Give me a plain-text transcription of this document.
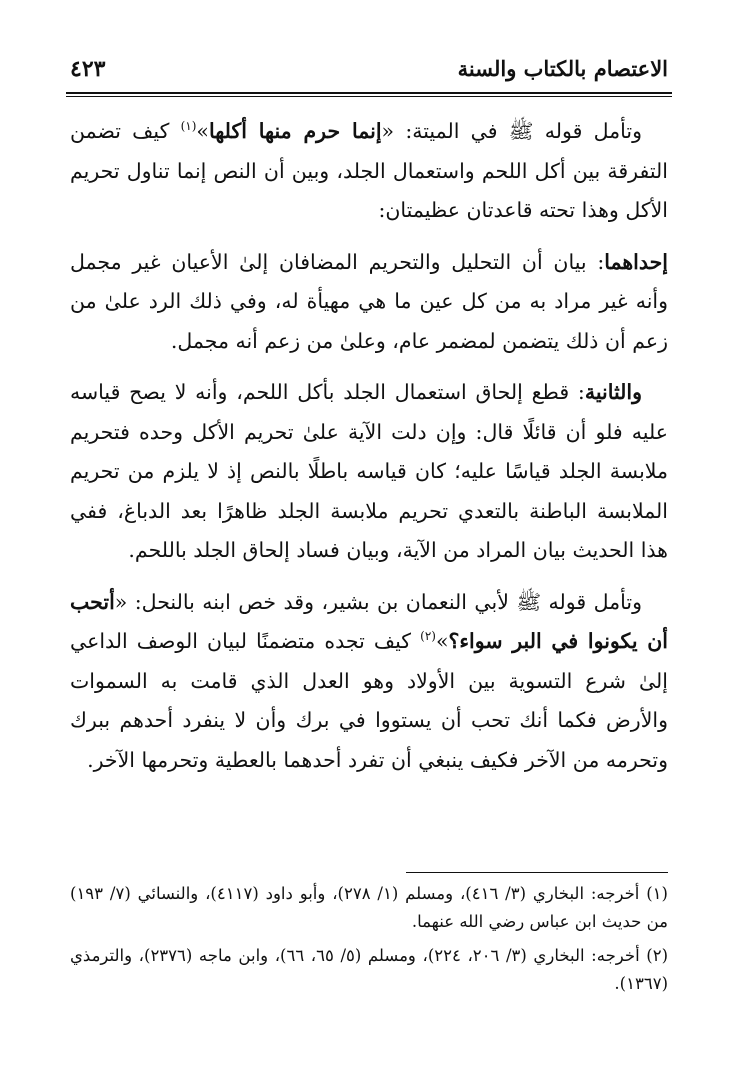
الاعتصام بالكتاب والسنة
٤٢٣

وتأمل قوله ﷺ في الميتة: «إنما حرم منها أكلها»$^{(١)}$ كيف تضمن التفرقة بين أكل اللحم واستعمال الجلد، وبين أن النص إنما تناول تحريم الأكل وهذا تحته قاعدتان عظيمتان:

إحداهما: بيان أن التحليل والتحريم المضافان إلىٰ الأعيان غير مجمل وأنه غير مراد به من كل عين ما هي مهيأة له، وفي ذلك الرد علىٰ من زعم أن ذلك يتضمن لمضمر عام، وعلىٰ من زعم أنه مجمل.

والثانية: قطع إلحاق استعمال الجلد بأكل اللحم، وأنه لا يصح قياسه عليه فلو أن قائلًا قال: وإن دلت الآية علىٰ تحريم الأكل وحده فتحريم ملابسة الجلد قياسًا عليه؛ كان قياسه باطلًا بالنص إذ لا يلزم من تحريم الملابسة الباطنة بالتعدي تحريم ملابسة الجلد ظاهرًا بعد الدباغ، ففي هذا الحديث بيان المراد من الآية، وبيان فساد إلحاق الجلد باللحم.

وتأمل قوله ﷺ لأبي النعمان بن بشير، وقد خص ابنه بالنحل: «أتحب أن يكونوا في البر سواء؟»$^{(٢)}$ كيف تجده متضمنًا لبيان الوصف الداعي إلىٰ شرع التسوية بين الأولاد وهو العدل الذي قامت به السموات والأرض فكما أنك تحب أن يستووا في برك وأن لا ينفرد أحدهم ببرك وتحرمه من الآخر فكيف ينبغي أن تفرد أحدهما بالعطية وتحرمها الآخر.

(١) أخرجه: البخاري (٣/ ٤١٦)، ومسلم (١/ ٢٧٨)، وأبو داود (٤١١٧)، والنسائي (٧/ ١٩٣) من حديث ابن عباس رضي الله عنهما.

(٢) أخرجه: البخاري (٣/ ٢٠٦، ٢٢٤)، ومسلم (٥/ ٦٥، ٦٦)، وابن ماجه (٢٣٧٦)، والترمذي (١٣٦٧).
